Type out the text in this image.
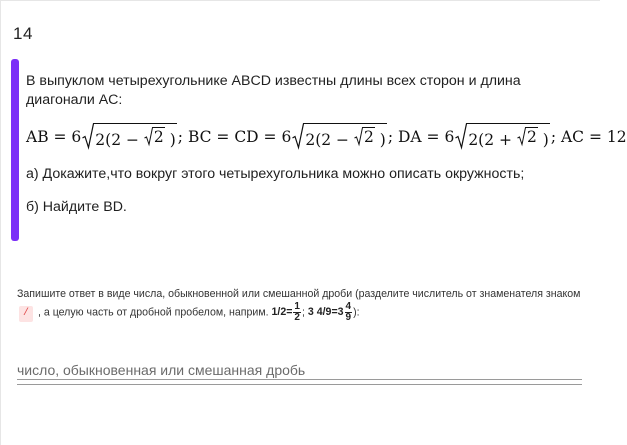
14
В выпуклом четырехугольнике ABCD известны длины всех сторон и длина диагонали AC:
AB = 6 2(2 − 2 ) ; BC = CD = 6 2(2 − 2 ) ; DA = 6 2(2 + 2 ) ; AC = 12
а) Докажите,что вокруг этого четырехугольника можно описать окружность;
б) Найдите BD.
Запишите ответ в виде числа, обыкновенной или смешанной дроби (разделите числитель от знаменателя знаком
/ , а целую часть от дробной пробелом, наприм. $1/2= \frac{1}{2}$ ; 3 $4/9=3 \frac{4}{9}$ ):
число, обыкновенная или смешанная дробь
